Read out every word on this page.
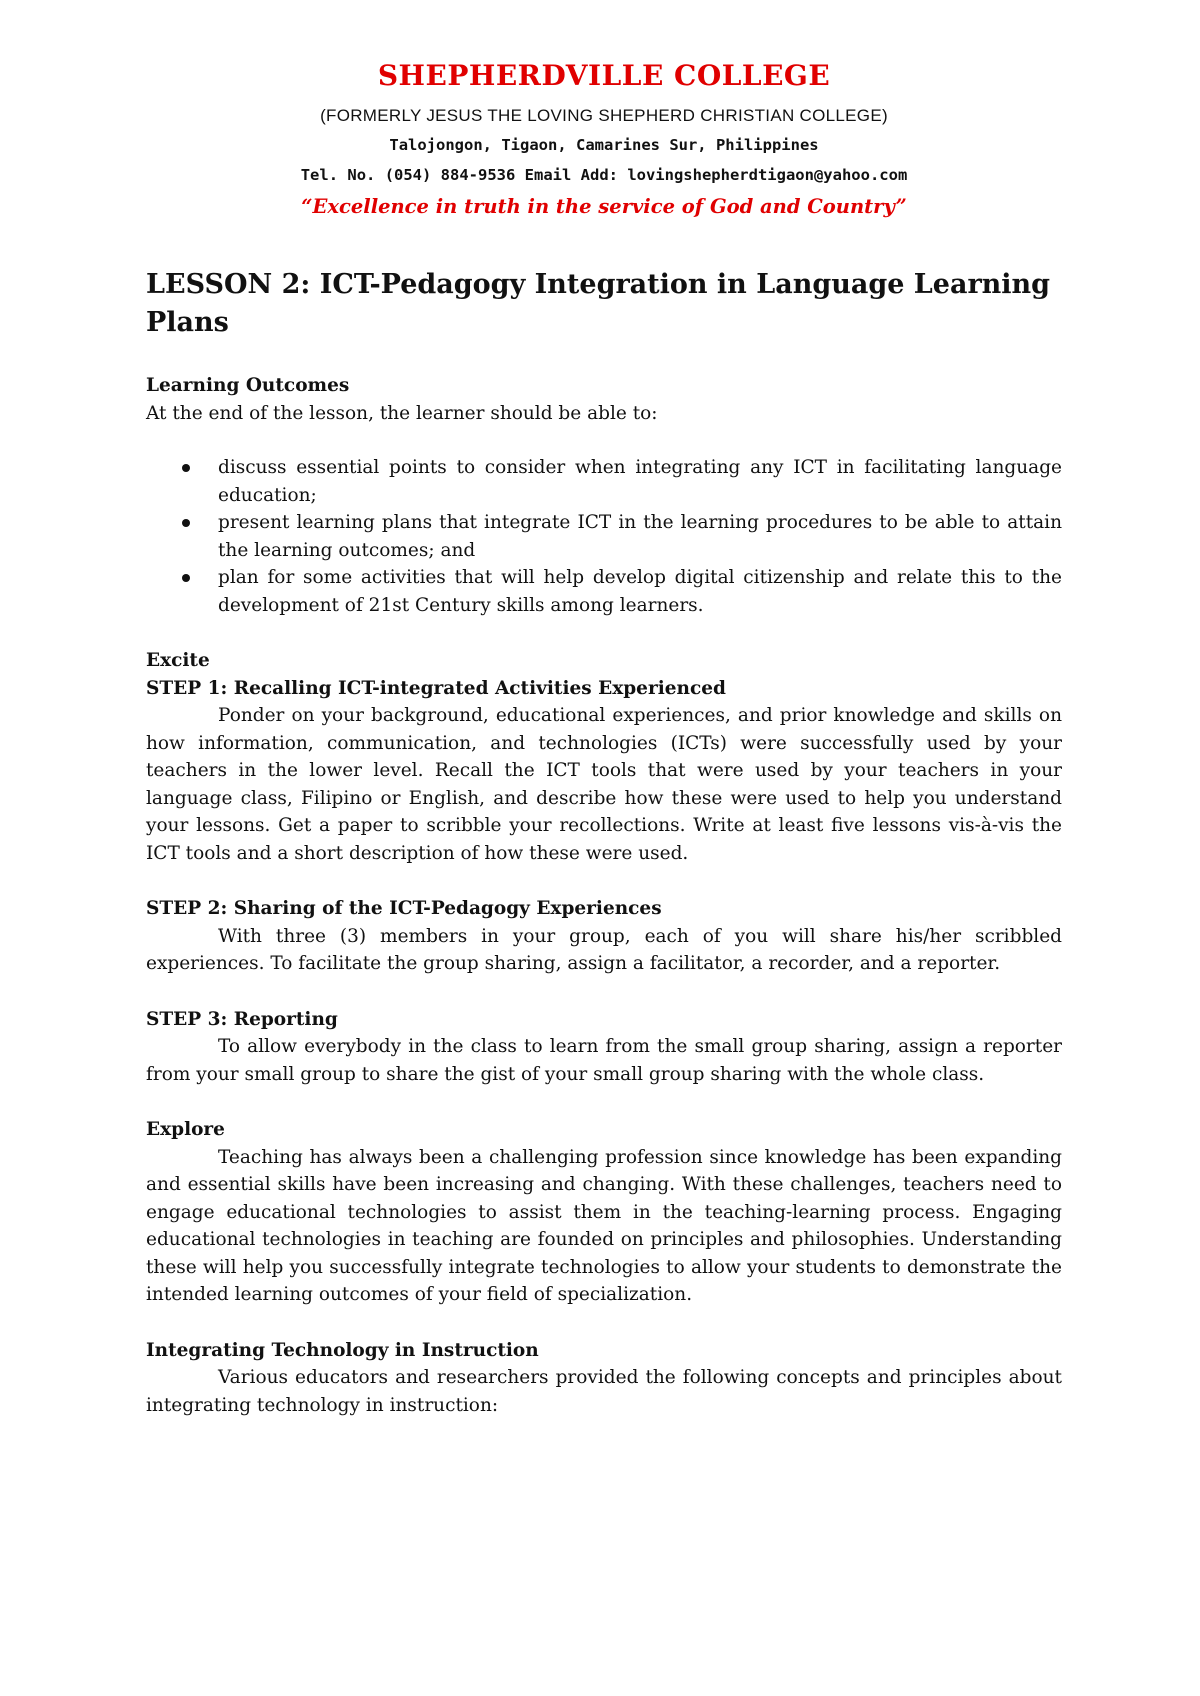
SHEPHERDVILLE COLLEGE
(FORMERLY JESUS THE LOVING SHEPHERD CHRISTIAN COLLEGE)
Talojongon, Tigaon, Camarines Sur, Philippines
Tel. No. (054) 884-9536 Email Add: lovingshepherdtigaon@yahoo.com
“Excellence in truth in the service of God and Country”
LESSON 2: ICT-Pedagogy Integration in Language Learning Plans
Learning Outcomes
At the end of the lesson, the learner should be able to:
discuss essential points to consider when integrating any ICT in facilitating language education;
present learning plans that integrate ICT in the learning procedures to be able to attain the learning outcomes; and
plan for some activities that will help develop digital citizenship and relate this to the development of 21st Century skills among learners.
Excite
STEP 1: Recalling ICT-integrated Activities Experienced
Ponder on your background, educational experiences, and prior knowledge and skills on how information, communication, and technologies (ICTs) were successfully used by your teachers in the lower level. Recall the ICT tools that were used by your teachers in your language class, Filipino or English, and describe how these were used to help you understand your lessons. Get a paper to scribble your recollections. Write at least five lessons vis-à-vis the ICT tools and a short description of how these were used.
STEP 2: Sharing of the ICT-Pedagogy Experiences
With three (3) members in your group, each of you will share his/her scribbled experiences. To facilitate the group sharing, assign a facilitator, a recorder, and a reporter.
STEP 3: Reporting
To allow everybody in the class to learn from the small group sharing, assign a reporter from your small group to share the gist of your small group sharing with the whole class.
Explore
Teaching has always been a challenging profession since knowledge has been expanding and essential skills have been increasing and changing. With these challenges, teachers need to engage educational technologies to assist them in the teaching-learning process. Engaging educational technologies in teaching are founded on principles and philosophies. Understanding these will help you successfully integrate technologies to allow your students to demonstrate the intended learning outcomes of your field of specialization.
Integrating Technology in Instruction
Various educators and researchers provided the following concepts and principles about integrating technology in instruction:
